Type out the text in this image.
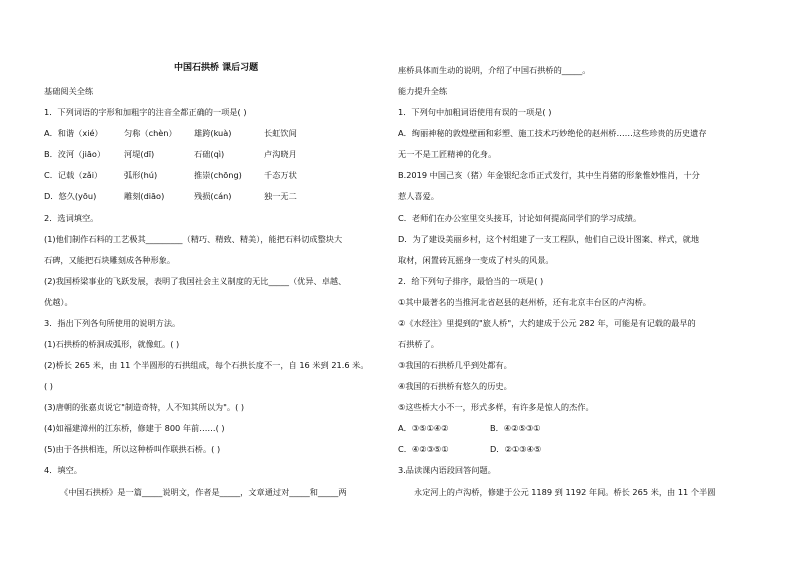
中国石拱桥 课后习题
基础阅关全练
1．下列词语的字形和加粗字的注音全都正确的一项是( )
A．和谐（xié）	匀称（chèn） 雄跨(kuà)	长虹饮间
B．洨河（jiāo） 河堤(dī)	石础(qì)	卢沟晓月
C．记载（zǎi）	弧形(hú)	推崇(chōng)	千态万状
D．悠久(yōu)	雕刻(diāo)	残损(cán)	独一无二
2．选词填空。
(1)他们制作石料的工艺极其_________（精巧、精致、精美），能把石料切成整块大
石碑，又能把石块雕刻成各种形象。
(2)我国桥梁事业的飞跃发展，表明了我国社会主义制度的无比_____（优异、卓越、
优越）。
3．指出下列各句所使用的说明方法。
(1)石拱桥的桥洞成弧形，就像虹。( )
(2)桥长 265 米，由 11 个半圆形的石拱组成，每个石拱长度不一，自 16 米到 21.6 米。
( )
(3)唐朝的张嘉贞说它"制造奇特，人不知其所以为"。( )
(4)如福建漳州的江东桥，修建于 800 年前……( )
(5)由于各拱相连，所以这种桥叫作联拱石桥。( )
4．填空。
《中国石拱桥》是一篇_____说明文，作者是_____，文章通过对_____和_____两
座桥具体而生动的说明，介绍了中国石拱桥的_____。
能力提升全练
1．下列句中加粗词语使用有误的一项是( )
A．绚丽神秘的敦煌壁画和彩塑、施工技术巧妙绝伦的赵州桥……这些珍贵的历史遗存
无一不是工匠精神的化身。
B.2019 中国己亥（猪）年金银纪念币正式发行，其中生肖猪的形象惟妙惟肖，十分
惹人喜爱。
C．老师们在办公室里交头接耳，讨论如何提高同学们的学习成绩。
D．为了建设美丽乡村，这个村组建了一支工程队，他们自己设计图案、样式，就地
取材，闲置砖瓦摇身一变成了村头的风景。
2．给下列句子排序，最恰当的一项是( )
①其中最著名的当推河北省赵县的赵州桥，还有北京丰台区的卢沟桥。
②《水经注》里提到的"旅人桥"，大约建成于公元 282 年，可能是有记载的最早的
石拱桥了。
③我国的石拱桥几乎到处都有。
④我国的石拱桥有悠久的历史。
⑤这些桥大小不一，形式多样，有许多是惊人的杰作。
A．③⑤①④②	B．④②⑤③①
C．④②③⑤①	D．②①③④⑤
3.品读课内语段回答问题。
永定河上的卢沟桥，修建于公元 1189 到 1192 年间。桥长 265 米，由 11 个半圆
